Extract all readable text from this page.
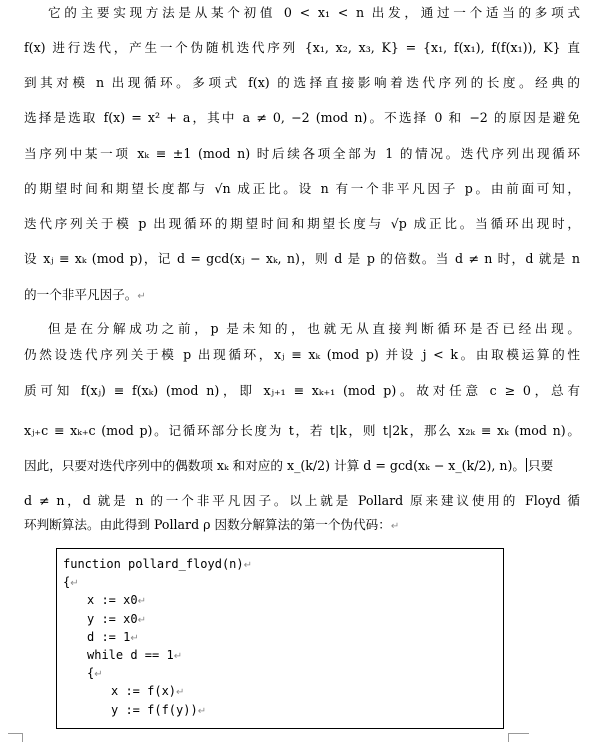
它的主要实现方法是从某个初值 0 < x₁ < n 出发，通过一个适当的多项式
f(x) 进行迭代，产生一个伪随机迭代序列 {x₁, x₂, x₃, K} = {x₁, f(x₁), f(f(x₁)), K} 直
到其对模 n 出现循环。多项式 f(x) 的选择直接影响着迭代序列的长度。经典的
选择是选取 f(x) = x² + a，其中 a ≠ 0, −2 (mod n)。不选择 0 和 −2 的原因是避免
当序列中某一项 xₖ ≡ ±1 (mod n) 时后续各项全部为 1 的情况。迭代序列出现循环
的期望时间和期望长度都与 √n 成正比。设 n 有一个非平凡因子 p。由前面可知，
迭代序列关于模 p 出现循环的期望时间和期望长度与 √p 成正比。当循环出现时，
设 xⱼ ≡ xₖ (mod p)，记 d = gcd(xⱼ − xₖ, n)，则 d 是 p 的倍数。当 d ≠ n 时，d 就是 n
的一个非平凡因子。↵
但是在分解成功之前，p 是未知的，也就无从直接判断循环是否已经出现。
仍然设迭代序列关于模 p 出现循环，xⱼ ≡ xₖ (mod p) 并设 j < k。由取模运算的性
质可知 f(xⱼ) ≡ f(xₖ) (mod n)，即 xⱼ₊₁ ≡ xₖ₊₁ (mod p)。故对任意 c ≥ 0，总有
xⱼ₊c ≡ xₖ₊c (mod p)。记循环部分长度为 t，若 t|k，则 t|2k，那么 x₂ₖ ≡ xₖ (mod n)。
因此，只要对迭代序列中的偶数项 xₖ 和对应的 x_(k/2) 计算 d = gcd(xₖ − x_(k/2), n)。 只要
d ≠ n，d 就是 n 的一个非平凡因子。以上就是 Pollard 原来建议使用的 Floyd 循
环判断算法。由此得到 Pollard ρ 因数分解算法的第一个伪代码：↵
function pollard_floyd(n)↵
{↵
x := x0↵
y := x0↵
d := 1↵
while d == 1↵
{↵
x := f(x)↵
y := f(f(y))↵
